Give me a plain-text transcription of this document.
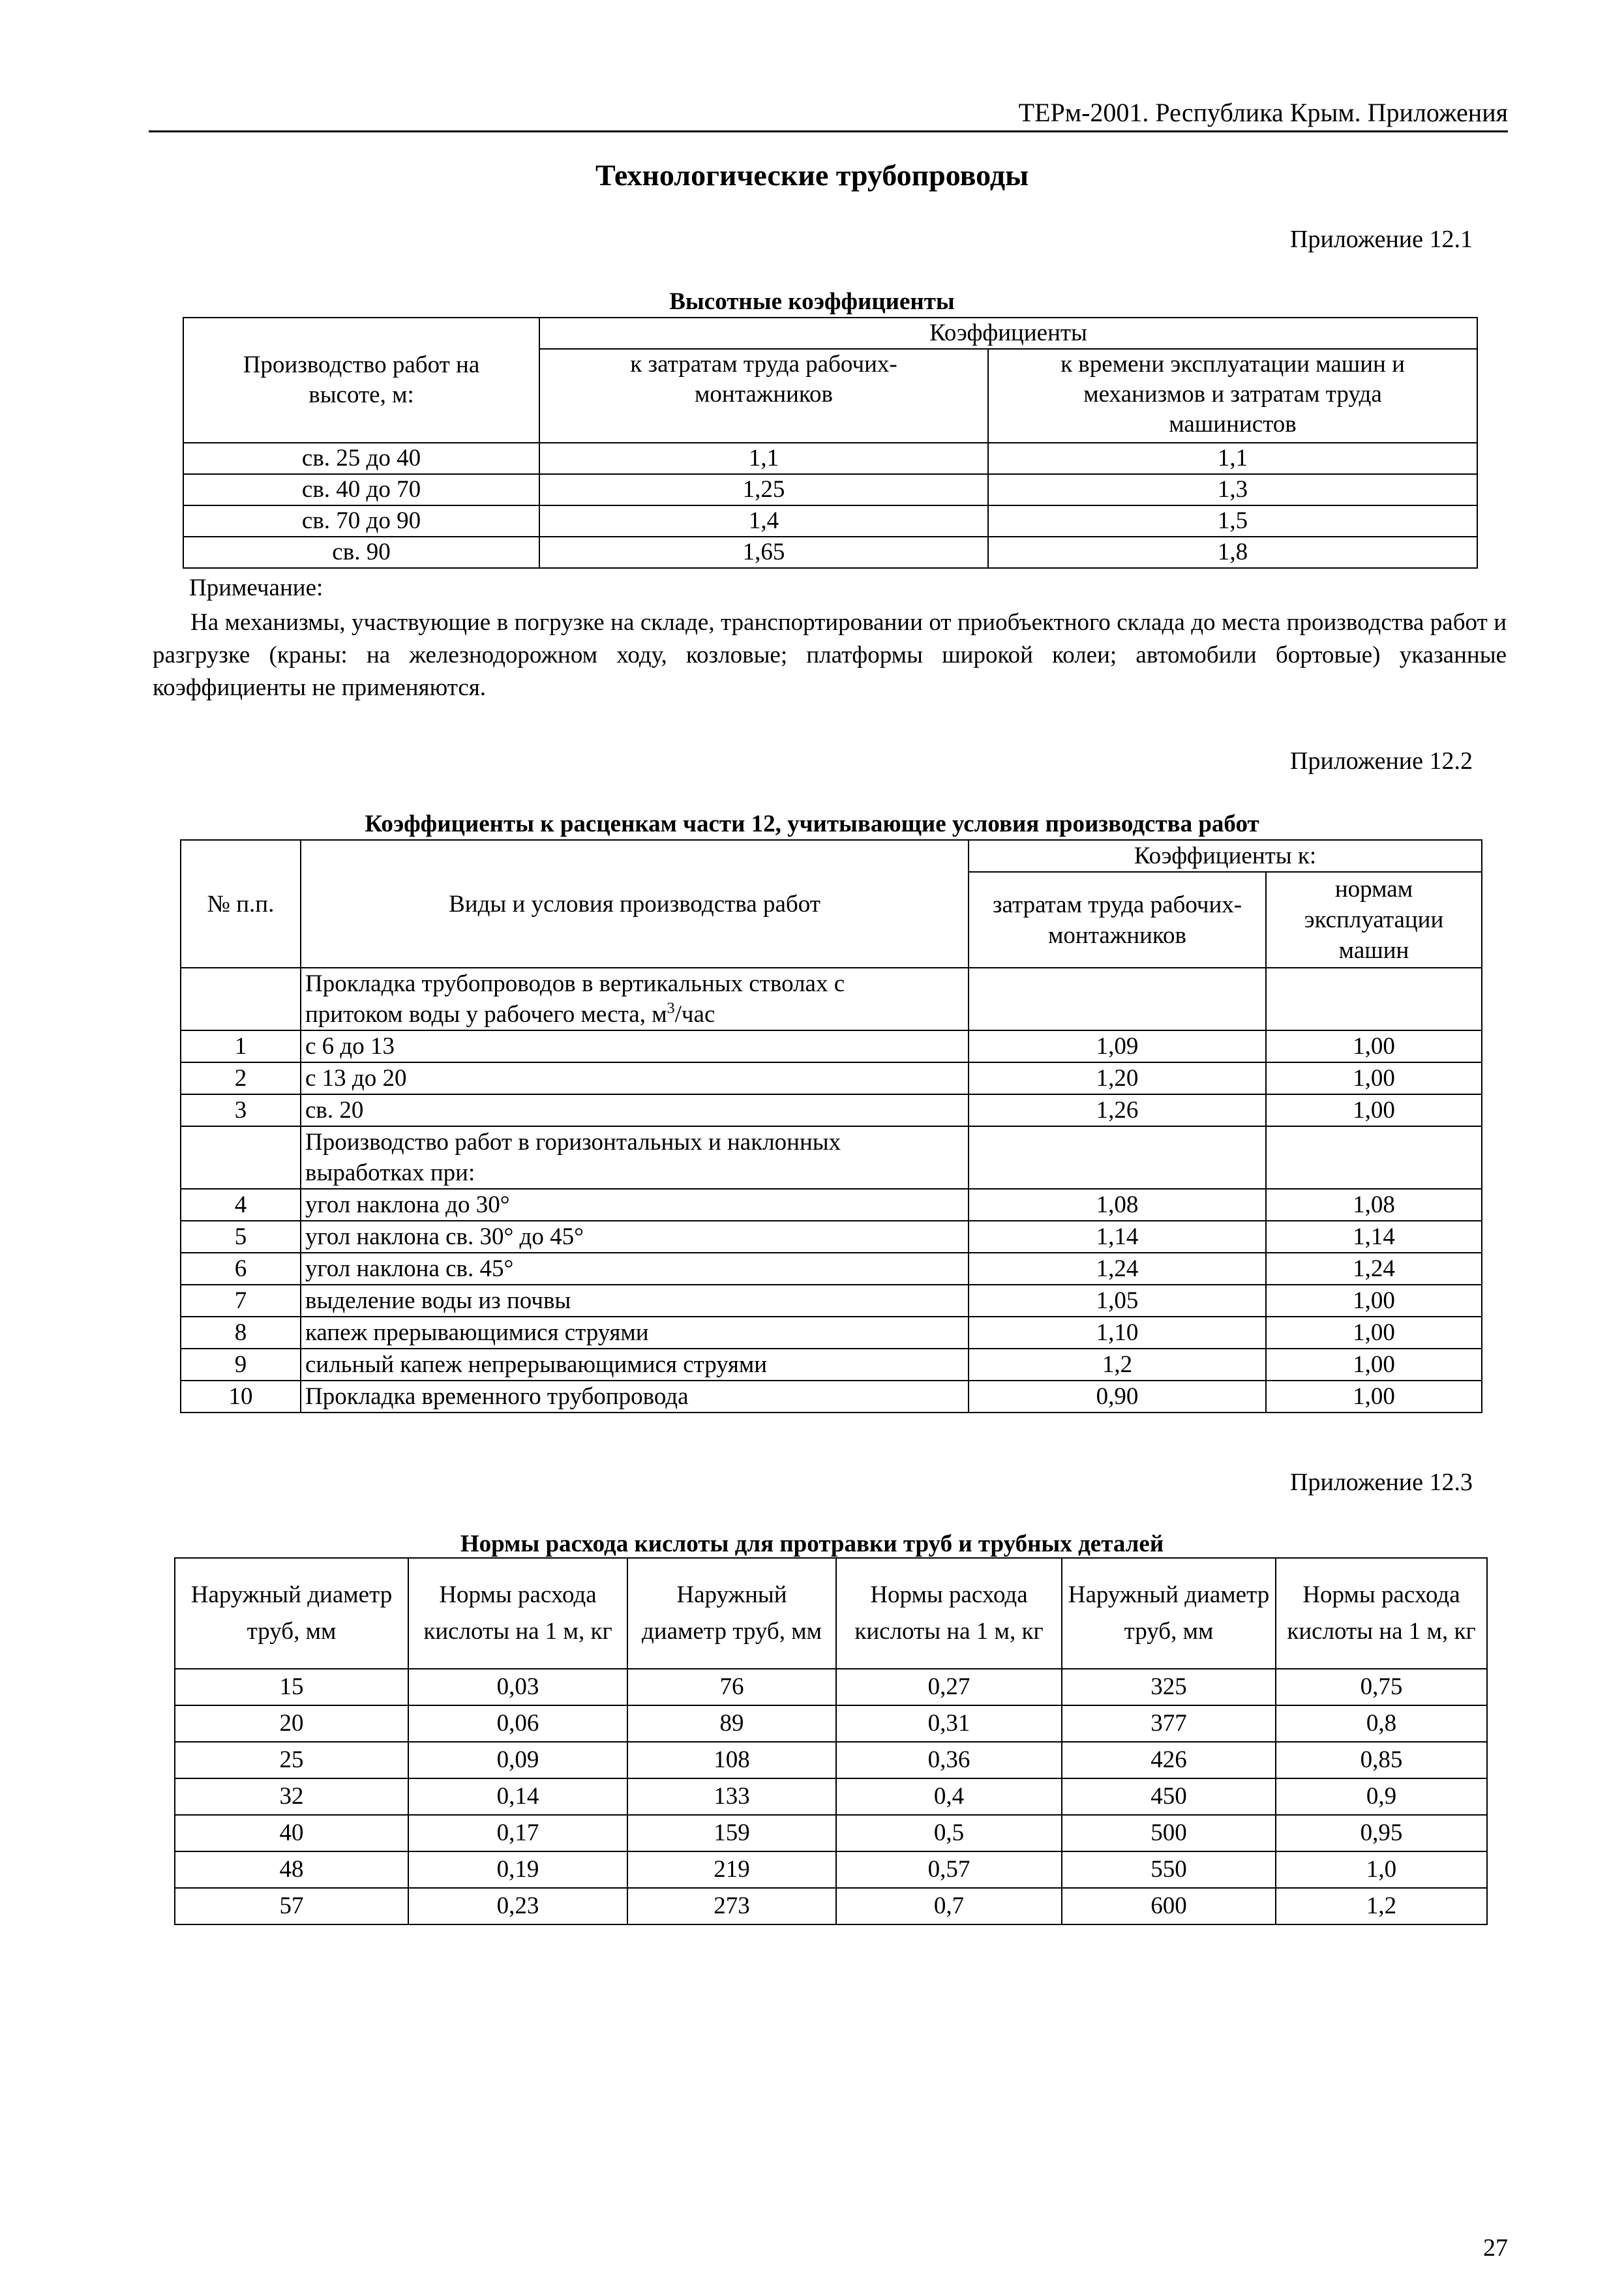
ТЕРм-2001. Республика Крым. Приложения
Технологические трубопроводы
Приложение 12.1
Высотные коэффициенты
Производство работ на высоте, м:	Коэффициенты	
	к затратам труда рабочих-монтажников	к времени эксплуатации машин и механизмов и затратам труда машинистов
св. 25 до 40	1,1	1,1
св. 40 до 70	1,25	1,3
св. 70 до 90	1,4	1,5
св. 90	1,65	1,8
Примечание:
На механизмы, участвующие в погрузке на складе, транспортировании от приобъектного склада до места производства работ и разгрузке (краны: на железнодорожном ходу, козловые; платформы широкой колеи; автомобили бортовые) указанные коэффициенты не применяются.
Приложение 12.2
Коэффициенты к расценкам части 12, учитывающие условия производства работ
№ п.п.	Виды и условия производства работ	Коэффициенты к:	
		затратам труда рабочих-монтажников	нормам эксплуатации машин
	Прокладка трубопроводов в вертикальных стволах с притоком воды у рабочего места, $м^3$/час		
1	с 6 до 13	1,09	1,00
2	с 13 до 20	1,20	1,00
3	св. 20	1,26	1,00
	Производство работ в горизонтальных и наклонных выработках при:		
4	угол наклона до 30°	1,08	1,08
5	угол наклона св. 30° до 45°	1,14	1,14
6	угол наклона св. 45°	1,24	1,24
7	выделение воды из почвы	1,05	1,00
8	капеж прерывающимися струями	1,10	1,00
9	сильный капеж непрерывающимися струями	1,2	1,00
10	Прокладка временного трубопровода	0,90	1,00
Приложение 12.3
Нормы расхода кислоты для протравки труб и трубных деталей
Наружный диаметр труб, мм	Нормы расхода кислоты на 1 м, кг	Наружный диаметр труб, мм	Нормы расхода кислоты на 1 м, кг	Наружный диаметр труб, мм	Нормы расхода кислоты на 1 м, кг
15	0,03	76	0,27	325	0,75
20	0,06	89	0,31	377	0,8
25	0,09	108	0,36	426	0,85
32	0,14	133	0,4	450	0,9
40	0,17	159	0,5	500	0,95
48	0,19	219	0,57	550	1,0
57	0,23	273	0,7	600	1,2
27
